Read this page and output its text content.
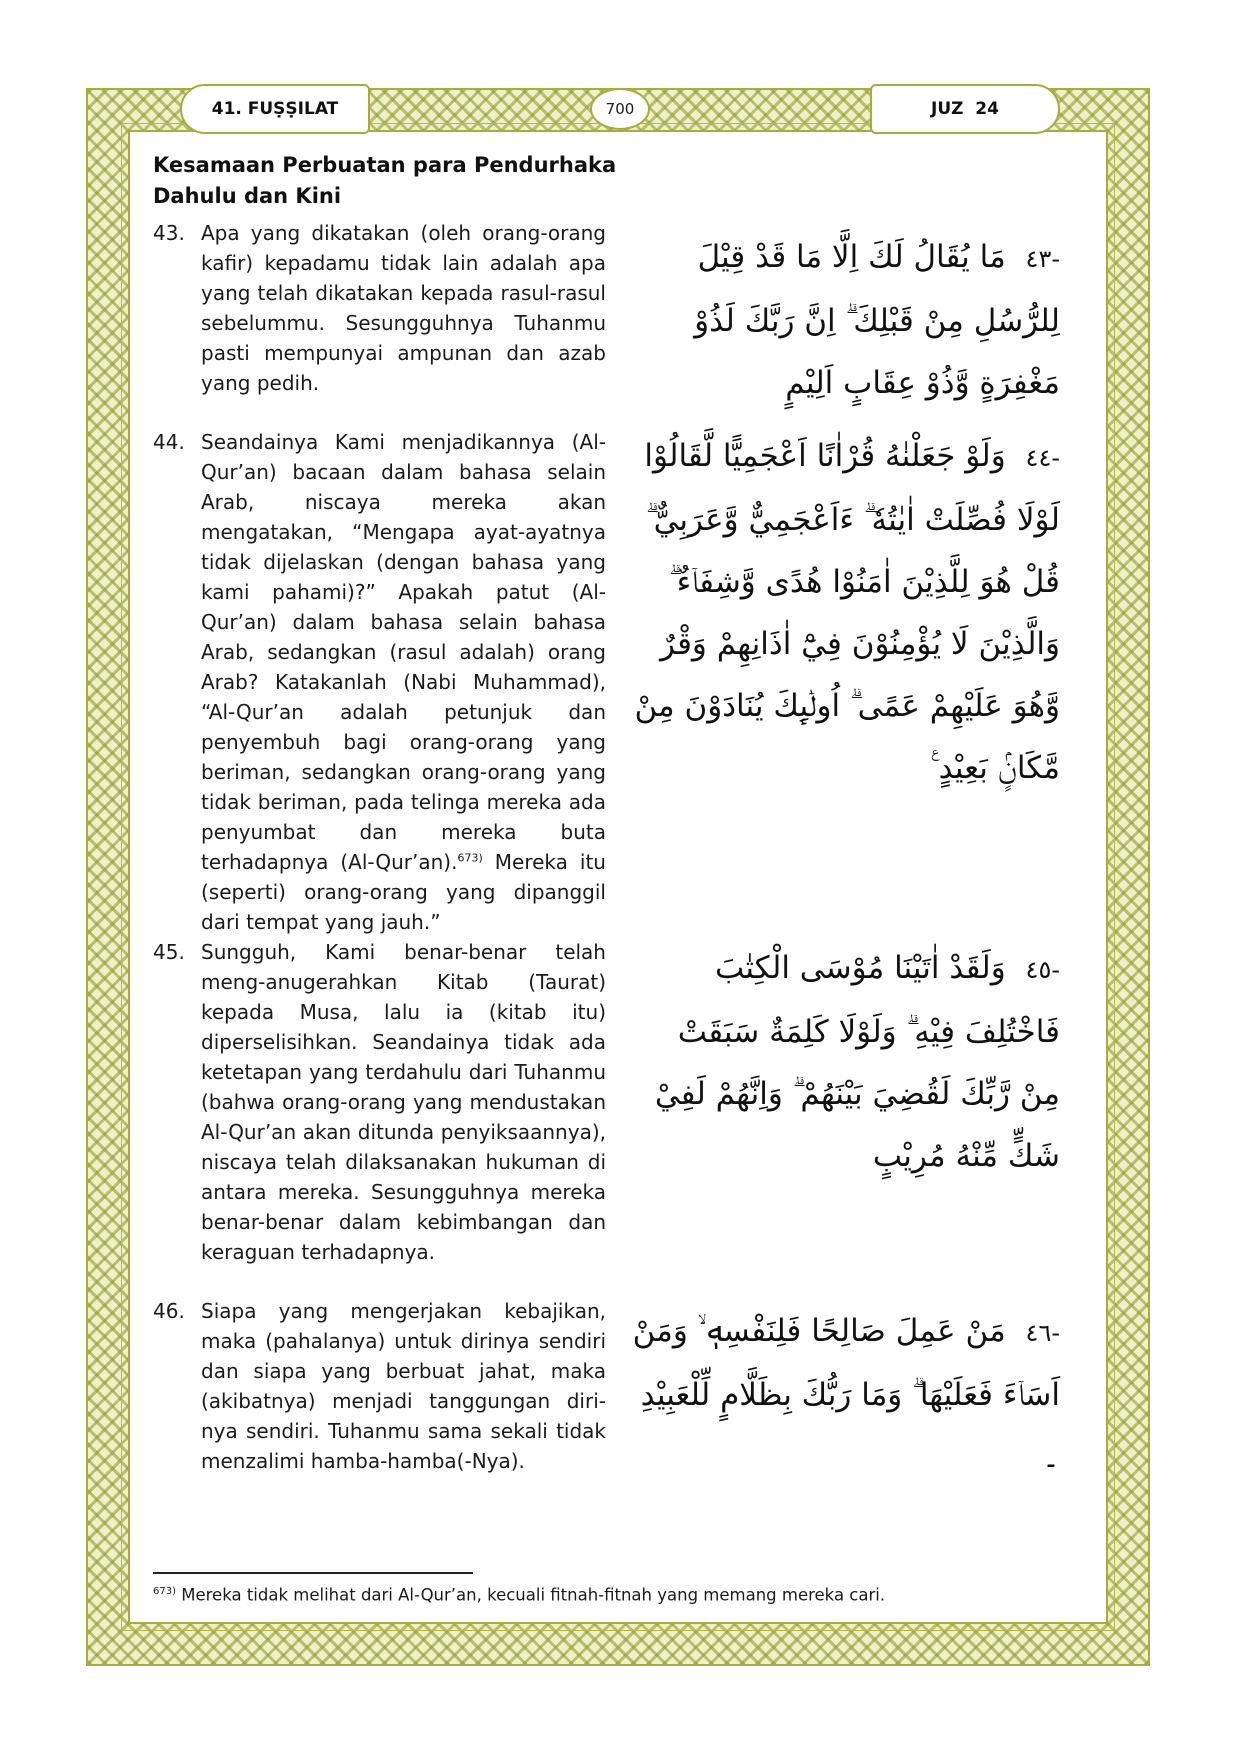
41. FUṢṢILAT	700	JUZ  24
Kesamaan Perbuatan para Pendurhaka
Dahulu dan Kini
43. Apa yang dikatakan (oleh orang-orang kafir) kepadamu tidak lain adalah apa yang telah dikatakan kepada rasul-rasul sebelummu. Sesungguhnya Tuhanmu pasti mempunyai ampunan dan azab yang pedih.
-٤٣ مَا يُقَالُ لَكَ اِلَّا مَا قَدْ قِيْلَ لِلرُّسُلِ مِنْ قَبْلِكَ ۗ اِنَّ رَبَّكَ لَذُوْ مَغْفِرَةٍ وَّذُوْ عِقَابٍ اَلِيْمٍ
44. Seandainya Kami menjadikannya (Al-Qur’an) bacaan dalam bahasa selain Arab, niscaya mereka akan mengatakan, “Mengapa ayat-ayatnya tidak dijelaskan (dengan bahasa yang kami pahami)?” Apakah patut (Al-Qur’an) dalam bahasa selain bahasa Arab, sedangkan (rasul adalah) orang Arab? Katakanlah (Nabi Muhammad), “Al-Qur’an adalah petunjuk dan penyembuh bagi orang-orang yang beriman, sedangkan orang-orang yang tidak beriman, pada telinga mereka ada penyumbat dan mereka buta terhadapnya (Al-Qur’an).$^{673)}$ Mereka itu (seperti) orang-orang yang dipanggil dari tempat yang jauh.”
-٤٤ وَلَوْ جَعَلْنٰهُ قُرْاٰنًا اَعْجَمِيًّا لَّقَالُوْا لَوْلَا فُصِّلَتْ اٰيٰتُهٗ ۗ ءَاَعْجَمِيٌّ وَّعَرَبِيٌّ ۗ قُلْ هُوَ لِلَّذِيْنَ اٰمَنُوْا هُدًى وَّشِفَاۤءٌ ۗ وَالَّذِيْنَ لَا يُؤْمِنُوْنَ فِيْٓ اٰذَانِهِمْ وَقْرٌ وَّهُوَ عَلَيْهِمْ عَمًى ۗ اُولٰۤىِٕكَ يُنَادَوْنَ مِنْ مَّكَانٍۢ بَعِيْدٍ ࣖ
45. Sungguh, Kami benar-benar telah meng-anugerahkan Kitab (Taurat) kepada Musa, lalu ia (kitab itu) diperselisihkan. Seandainya tidak ada ketetapan yang terdahulu dari Tuhanmu (bahwa orang-orang yang mendustakan Al-Qur’an akan ditunda penyiksaannya), niscaya telah dilaksanakan hukuman di antara mereka. Sesungguhnya mereka benar-benar dalam kebimbangan dan keraguan terhadapnya.
-٤٥ وَلَقَدْ اٰتَيْنَا مُوْسَى الْكِتٰبَ فَاخْتُلِفَ فِيْهِ ۗ وَلَوْلَا كَلِمَةٌ سَبَقَتْ مِنْ رَّبِّكَ لَقُضِيَ بَيْنَهُمْ ۗ وَاِنَّهُمْ لَفِيْ شَكٍّ مِّنْهُ مُرِيْبٍ
46. Siapa yang mengerjakan kebajikan, maka (pahalanya) untuk dirinya sendiri dan siapa yang berbuat jahat, maka (akibatnya) menjadi tanggungan diri-nya sendiri. Tuhanmu sama sekali tidak menzalimi hamba-hamba(-Nya).
-٤٦ مَنْ عَمِلَ صَالِحًا فَلِنَفْسِهٖ ۙ وَمَنْ اَسَاۤءَ فَعَلَيْهَا ۗ وَمَا رَبُّكَ بِظَلَّامٍ لِّلْعَبِيْدِ ۔
$^{673)}$ Mereka tidak melihat dari Al-Qur’an, kecuali fitnah-fitnah yang memang mereka cari.
